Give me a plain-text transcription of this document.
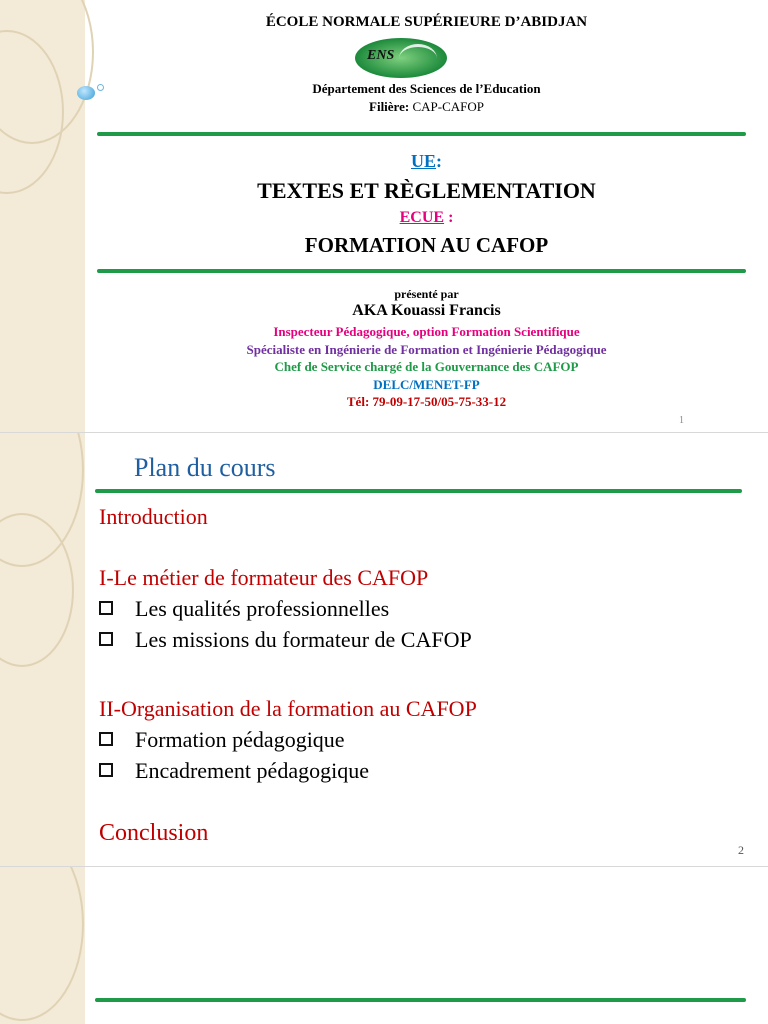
ÉCOLE NORMALE SUPÉRIEURE D’ABIDJAN
ENS
Département des Sciences de l’Education
Filière: CAP-CAFOP
UE:
TEXTES ET RÈGLEMENTATION
ECUE :
FORMATION AU CAFOP
présenté par
AKA Kouassi Francis
Inspecteur Pédagogique, option Formation Scientifique
Spécialiste en Ingénierie de Formation et Ingénierie Pédagogique
Chef de Service chargé de la Gouvernance des CAFOP
DELC/MENET-FP
Tél: 79-09-17-50/05-75-33-12
1
Plan du cours
Introduction
I-Le métier de formateur des CAFOP
Les qualités professionnelles
Les missions du formateur de CAFOP
II-Organisation de la formation au CAFOP
Formation pédagogique
Encadrement pédagogique
Conclusion
2
